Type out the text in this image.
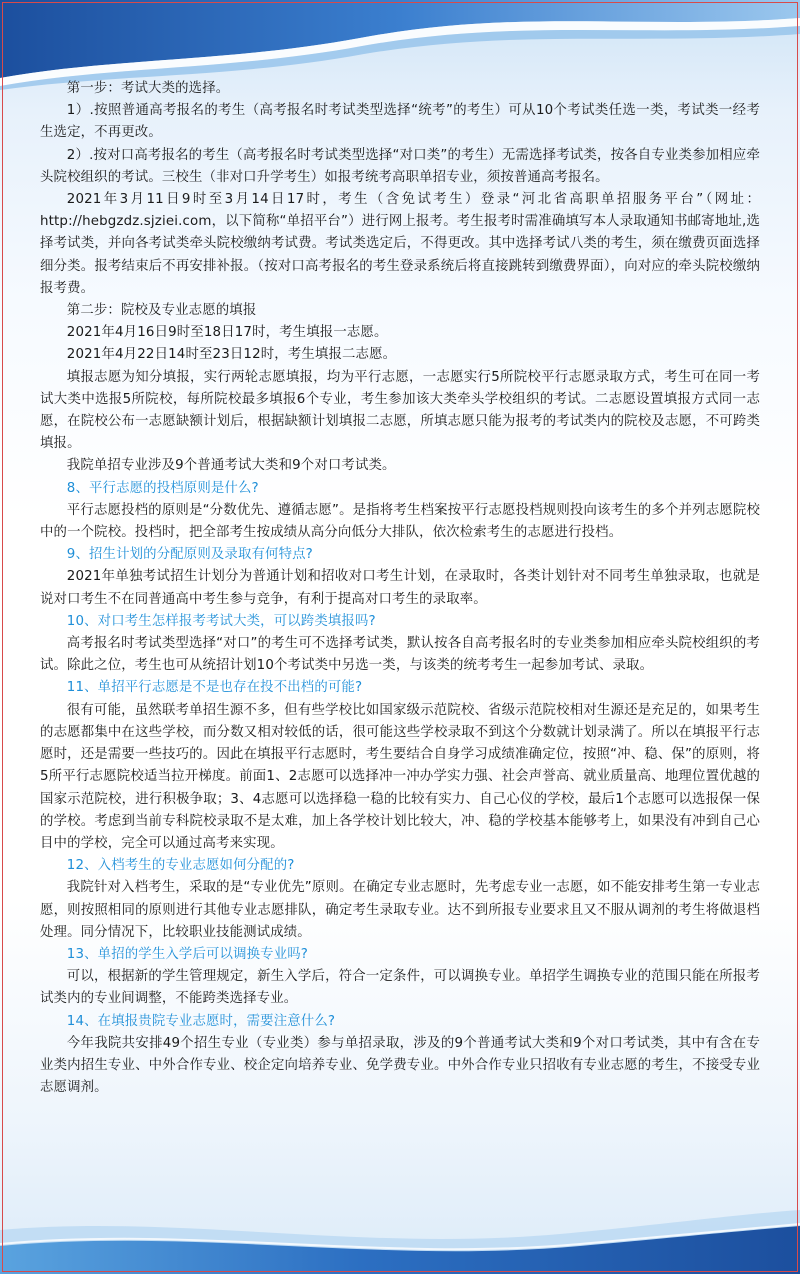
第一步：考试大类的选择。

1）.按照普通高考报名的考生（高考报名时考试类型选择“统考”的考生）可从10个考试类任选一类，考试类一经考生选定，不再更改。

2）.按对口高考报名的考生（高考报名时考试类型选择“对口类”的考生）无需选择考试类，按各自专业类参加相应牵头院校组织的考试。三校生（非对口升学考生）如报考统考高职单招专业，须按普通高考报名。

2021年3月11日9时至3月14日17时，考生（含免试考生）登录“河北省高职单招服务平台”（网址：http://hebgzdz.sjziei.com，以下简称“单招平台”）进行网上报考。考生报考时需准确填写本人录取通知书邮寄地址,选择考试类，并向各考试类牵头院校缴纳考试费。考试类选定后，不得更改。其中选择考试八类的考生，须在缴费页面选择细分类。报考结束后不再安排补报。（按对口高考报名的考生登录系统后将直接跳转到缴费界面），向对应的牵头院校缴纳报考费。

第二步：院校及专业志愿的填报

2021年4月16日9时至18日17时，考生填报一志愿。

2021年4月22日14时至23日12时，考生填报二志愿。

填报志愿为知分填报，实行两轮志愿填报，均为平行志愿，一志愿实行5所院校平行志愿录取方式，考生可在同一考试大类中选报5所院校，每所院校最多填报6个专业，考生参加该大类牵头学校组织的考试。二志愿设置填报方式同一志愿，在院校公布一志愿缺额计划后，根据缺额计划填报二志愿，所填志愿只能为报考的考试类内的院校及志愿，不可跨类填报。

我院单招专业涉及9个普通考试大类和9个对口考试类。

8、平行志愿的投档原则是什么?

平行志愿投档的原则是“分数优先、遵循志愿”。是指将考生档案按平行志愿投档规则投向该考生的多个并列志愿院校中的一个院校。投档时，把全部考生按成绩从高分向低分大排队，依次检索考生的志愿进行投档。

9、招生计划的分配原则及录取有何特点?

2021年单独考试招生计划分为普通计划和招收对口考生计划，在录取时，各类计划针对不同考生单独录取，也就是说对口考生不在同普通高中考生参与竞争，有利于提高对口考生的录取率。

10、对口考生怎样报考考试大类，可以跨类填报吗?

高考报名时考试类型选择“对口”的考生可不选择考试类，默认按各自高考报名时的专业类参加相应牵头院校组织的考试。除此之位，考生也可从统招计划10个考试类中另选一类，与该类的统考考生一起参加考试、录取。

11、单招平行志愿是不是也存在投不出档的可能?

很有可能，虽然联考单招生源不多，但有些学校比如国家级示范院校、省级示范院校相对生源还是充足的，如果考生的志愿都集中在这些学校，而分数又相对较低的话，很可能这些学校录取不到这个分数就计划录满了。所以在填报平行志愿时，还是需要一些技巧的。因此在填报平行志愿时，考生要结合自身学习成绩准确定位，按照“冲、稳、保”的原则，将5所平行志愿院校适当拉开梯度。前面1、2志愿可以选择冲一冲办学实力强、社会声誉高、就业质量高、地理位置优越的国家示范院校，进行积极争取；3、4志愿可以选择稳一稳的比较有实力、自己心仪的学校，最后1个志愿可以选报保一保的学校。考虑到当前专科院校录取不是太难，加上各学校计划比较大，冲、稳的学校基本能够考上，如果没有冲到自己心目中的学校，完全可以通过高考来实现。

12、入档考生的专业志愿如何分配的?

我院针对入档考生，采取的是“专业优先”原则。在确定专业志愿时，先考虑专业一志愿，如不能安排考生第一专业志愿，则按照相同的原则进行其他专业志愿排队，确定考生录取专业。达不到所报专业要求且又不服从调剂的考生将做退档处理。同分情况下，比较职业技能测试成绩。

13、单招的学生入学后可以调换专业吗?

可以，根据新的学生管理规定，新生入学后，符合一定条件，可以调换专业。单招学生调换专业的范围只能在所报考试类内的专业间调整，不能跨类选择专业。

14、在填报贵院专业志愿时，需要注意什么?

今年我院共安排49个招生专业（专业类）参与单招录取，涉及的9个普通考试大类和9个对口考试类，其中有含在专业类内招生专业、中外合作专业、校企定向培养专业、免学费专业。中外合作专业只招收有专业志愿的考生，不接受专业志愿调剂。
